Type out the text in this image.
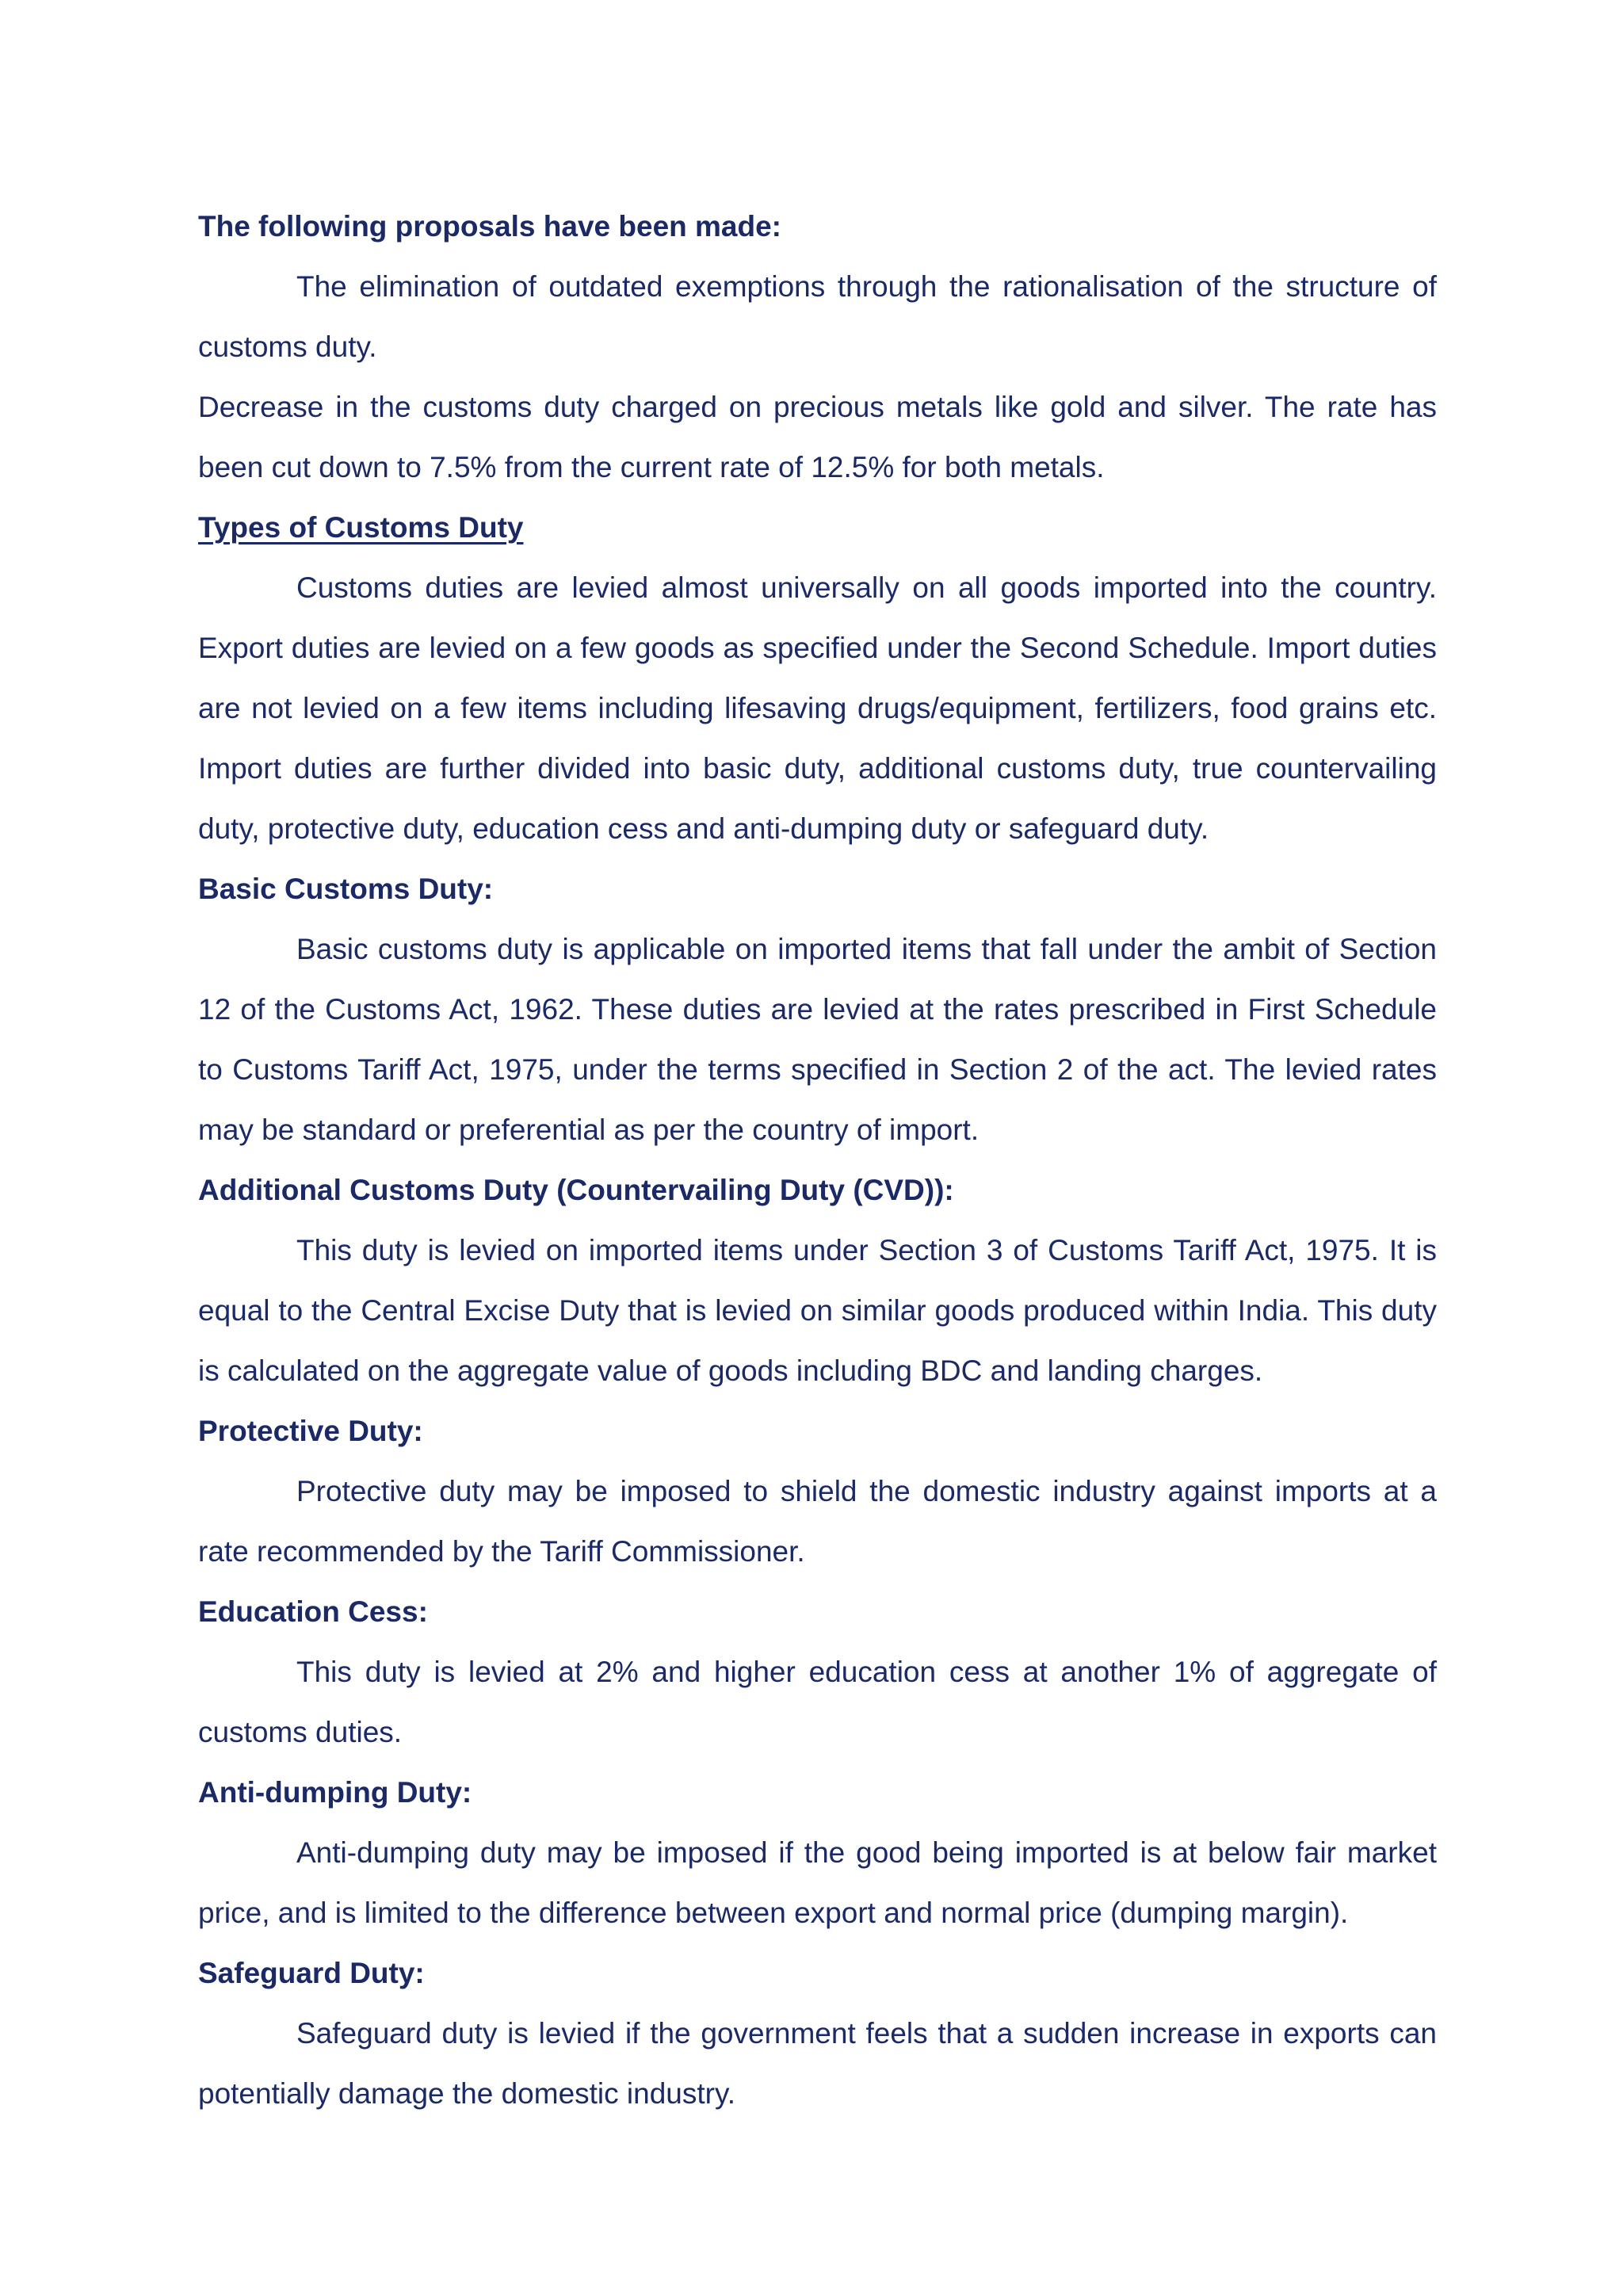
The following proposals have been made:

The elimination of outdated exemptions through the rationalisation of the structure of customs duty.

Decrease in the customs duty charged on precious metals like gold and silver. The rate has been cut down to 7.5% from the current rate of 12.5% for both metals.

Types of Customs Duty

Customs duties are levied almost universally on all goods imported into the country. Export duties are levied on a few goods as specified under the Second Schedule. Import duties are not levied on a few items including lifesaving drugs/equipment, fertilizers, food grains etc. Import duties are further divided into basic duty, additional customs duty, true countervailing duty, protective duty, education cess and anti-dumping duty or safeguard duty.

Basic Customs Duty:

Basic customs duty is applicable on imported items that fall under the ambit of Section 12 of the Customs Act, 1962. These duties are levied at the rates prescribed in First Schedule to Customs Tariff Act, 1975, under the terms specified in Section 2 of the act. The levied rates may be standard or preferential as per the country of import.

Additional Customs Duty (Countervailing Duty (CVD)):

This duty is levied on imported items under Section 3 of Customs Tariff Act, 1975. It is equal to the Central Excise Duty that is levied on similar goods produced within India. This duty is calculated on the aggregate value of goods including BDC and landing charges.

Protective Duty:

Protective duty may be imposed to shield the domestic industry against imports at a rate recommended by the Tariff Commissioner.

Education Cess:

This duty is levied at 2% and higher education cess at another 1% of aggregate of customs duties.

Anti-dumping Duty:

Anti-dumping duty may be imposed if the good being imported is at below fair market price, and is limited to the difference between export and normal price (dumping margin).

Safeguard Duty:

Safeguard duty is levied if the government feels that a sudden increase in exports can potentially damage the domestic industry.
